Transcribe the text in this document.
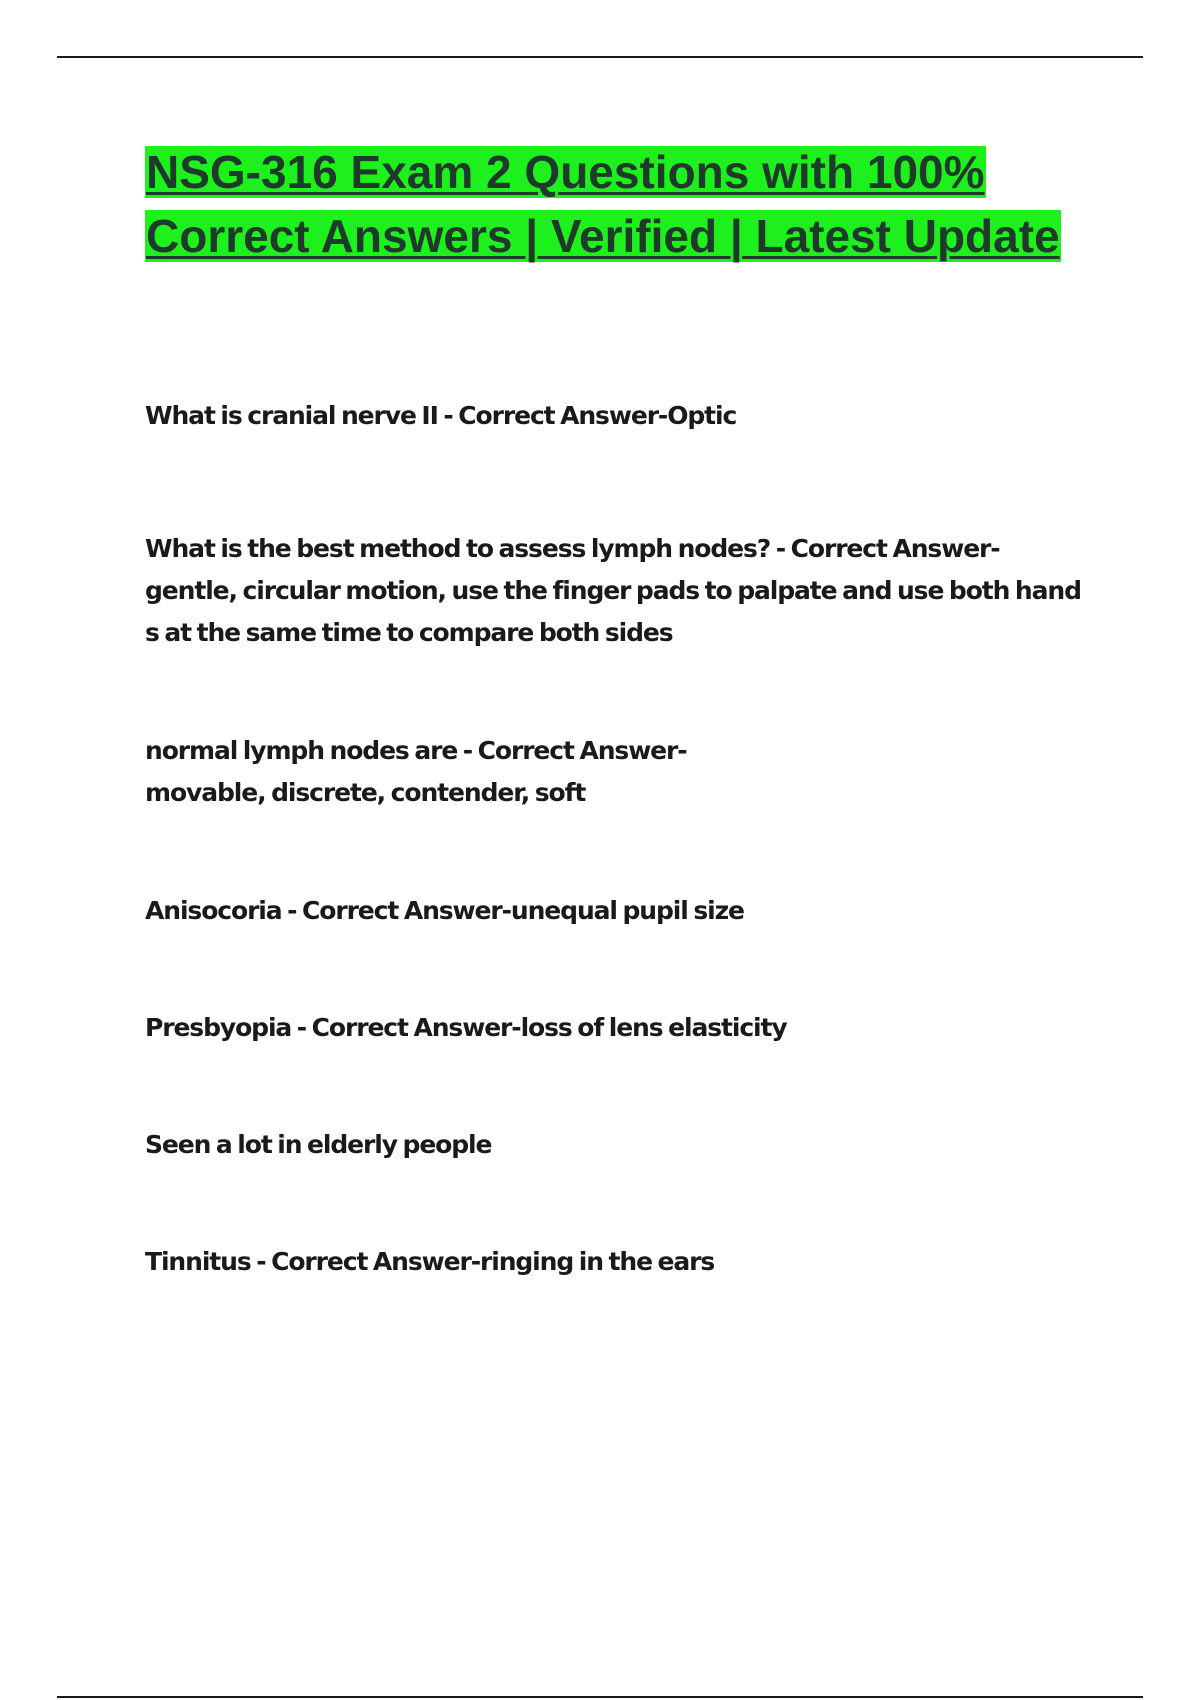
NSG-316 Exam 2 Questions with 100% Correct Answers | Verified | Latest Update

What is cranial nerve II - Correct Answer-Optic

What is the best method to assess lymph nodes? - Correct Answer-
gentle, circular motion, use the finger pads to palpate and use both hand
s at the same time to compare both sides

normal lymph nodes are - Correct Answer-
movable, discrete, contender, soft

Anisocoria - Correct Answer-unequal pupil size

Presbyopia - Correct Answer-loss of lens elasticity

Seen a lot in elderly people

Tinnitus - Correct Answer-ringing in the ears
